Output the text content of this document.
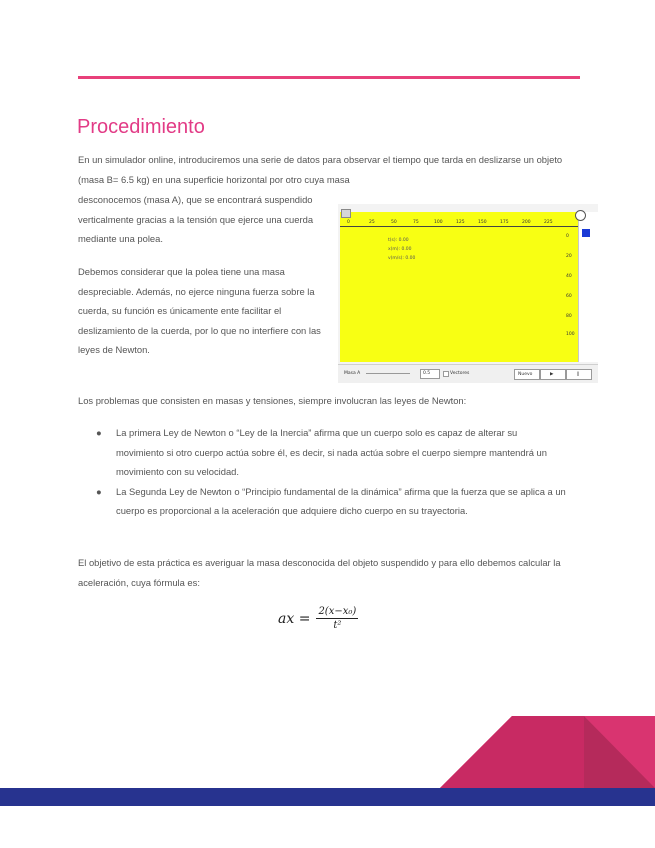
Procedimiento

En un simulador online, introduciremos una serie de datos para observar el tiempo que tarda en deslizarse un objeto (masa B= 6.5 kg) en una superficie horizontal por otro cuya masa

desconocemos (masa A), que se encontrará suspendido verticalmente gracias a la tensión que ejerce una cuerda mediante una polea.

Debemos considerar que la polea tiene una masa despreciable. Además, no ejerce ninguna fuerza sobre la cuerda, su función es únicamente ente facilitar el deslizamiento de la cuerda, por lo que no interfiere con las leyes de Newton.

0	25	50	75	100	125	150	175	200	225
0
20
40
60
80
100
t(s): 0.00
x(m): 0.00
v(m/s): 0.00
Masa A	0.5	Vectores	Nuevo	▶	‖

Los problemas que consisten en masas y tensiones, siempre involucran las leyes de Newton:

● La primera Ley de Newton o “Ley de la Inercia” afirma que un cuerpo solo es capaz de alterar su movimiento si otro cuerpo actúa sobre él, es decir, si nada actúa sobre el cuerpo siempre mantendrá un movimiento con su velocidad.
● La Segunda Ley de Newton o “Principio fundamental de la dinámica” afirma que la fuerza que se aplica a un cuerpo es proporcional a la aceleración que adquiere dicho cuerpo en su trayectoria.

El objetivo de esta práctica es averiguar la masa desconocida del objeto suspendido y para ello debemos calcular la aceleración, cuya fórmula es:

ax = $\frac{\text{2(x−x₀)}}{\text{t²}}$
